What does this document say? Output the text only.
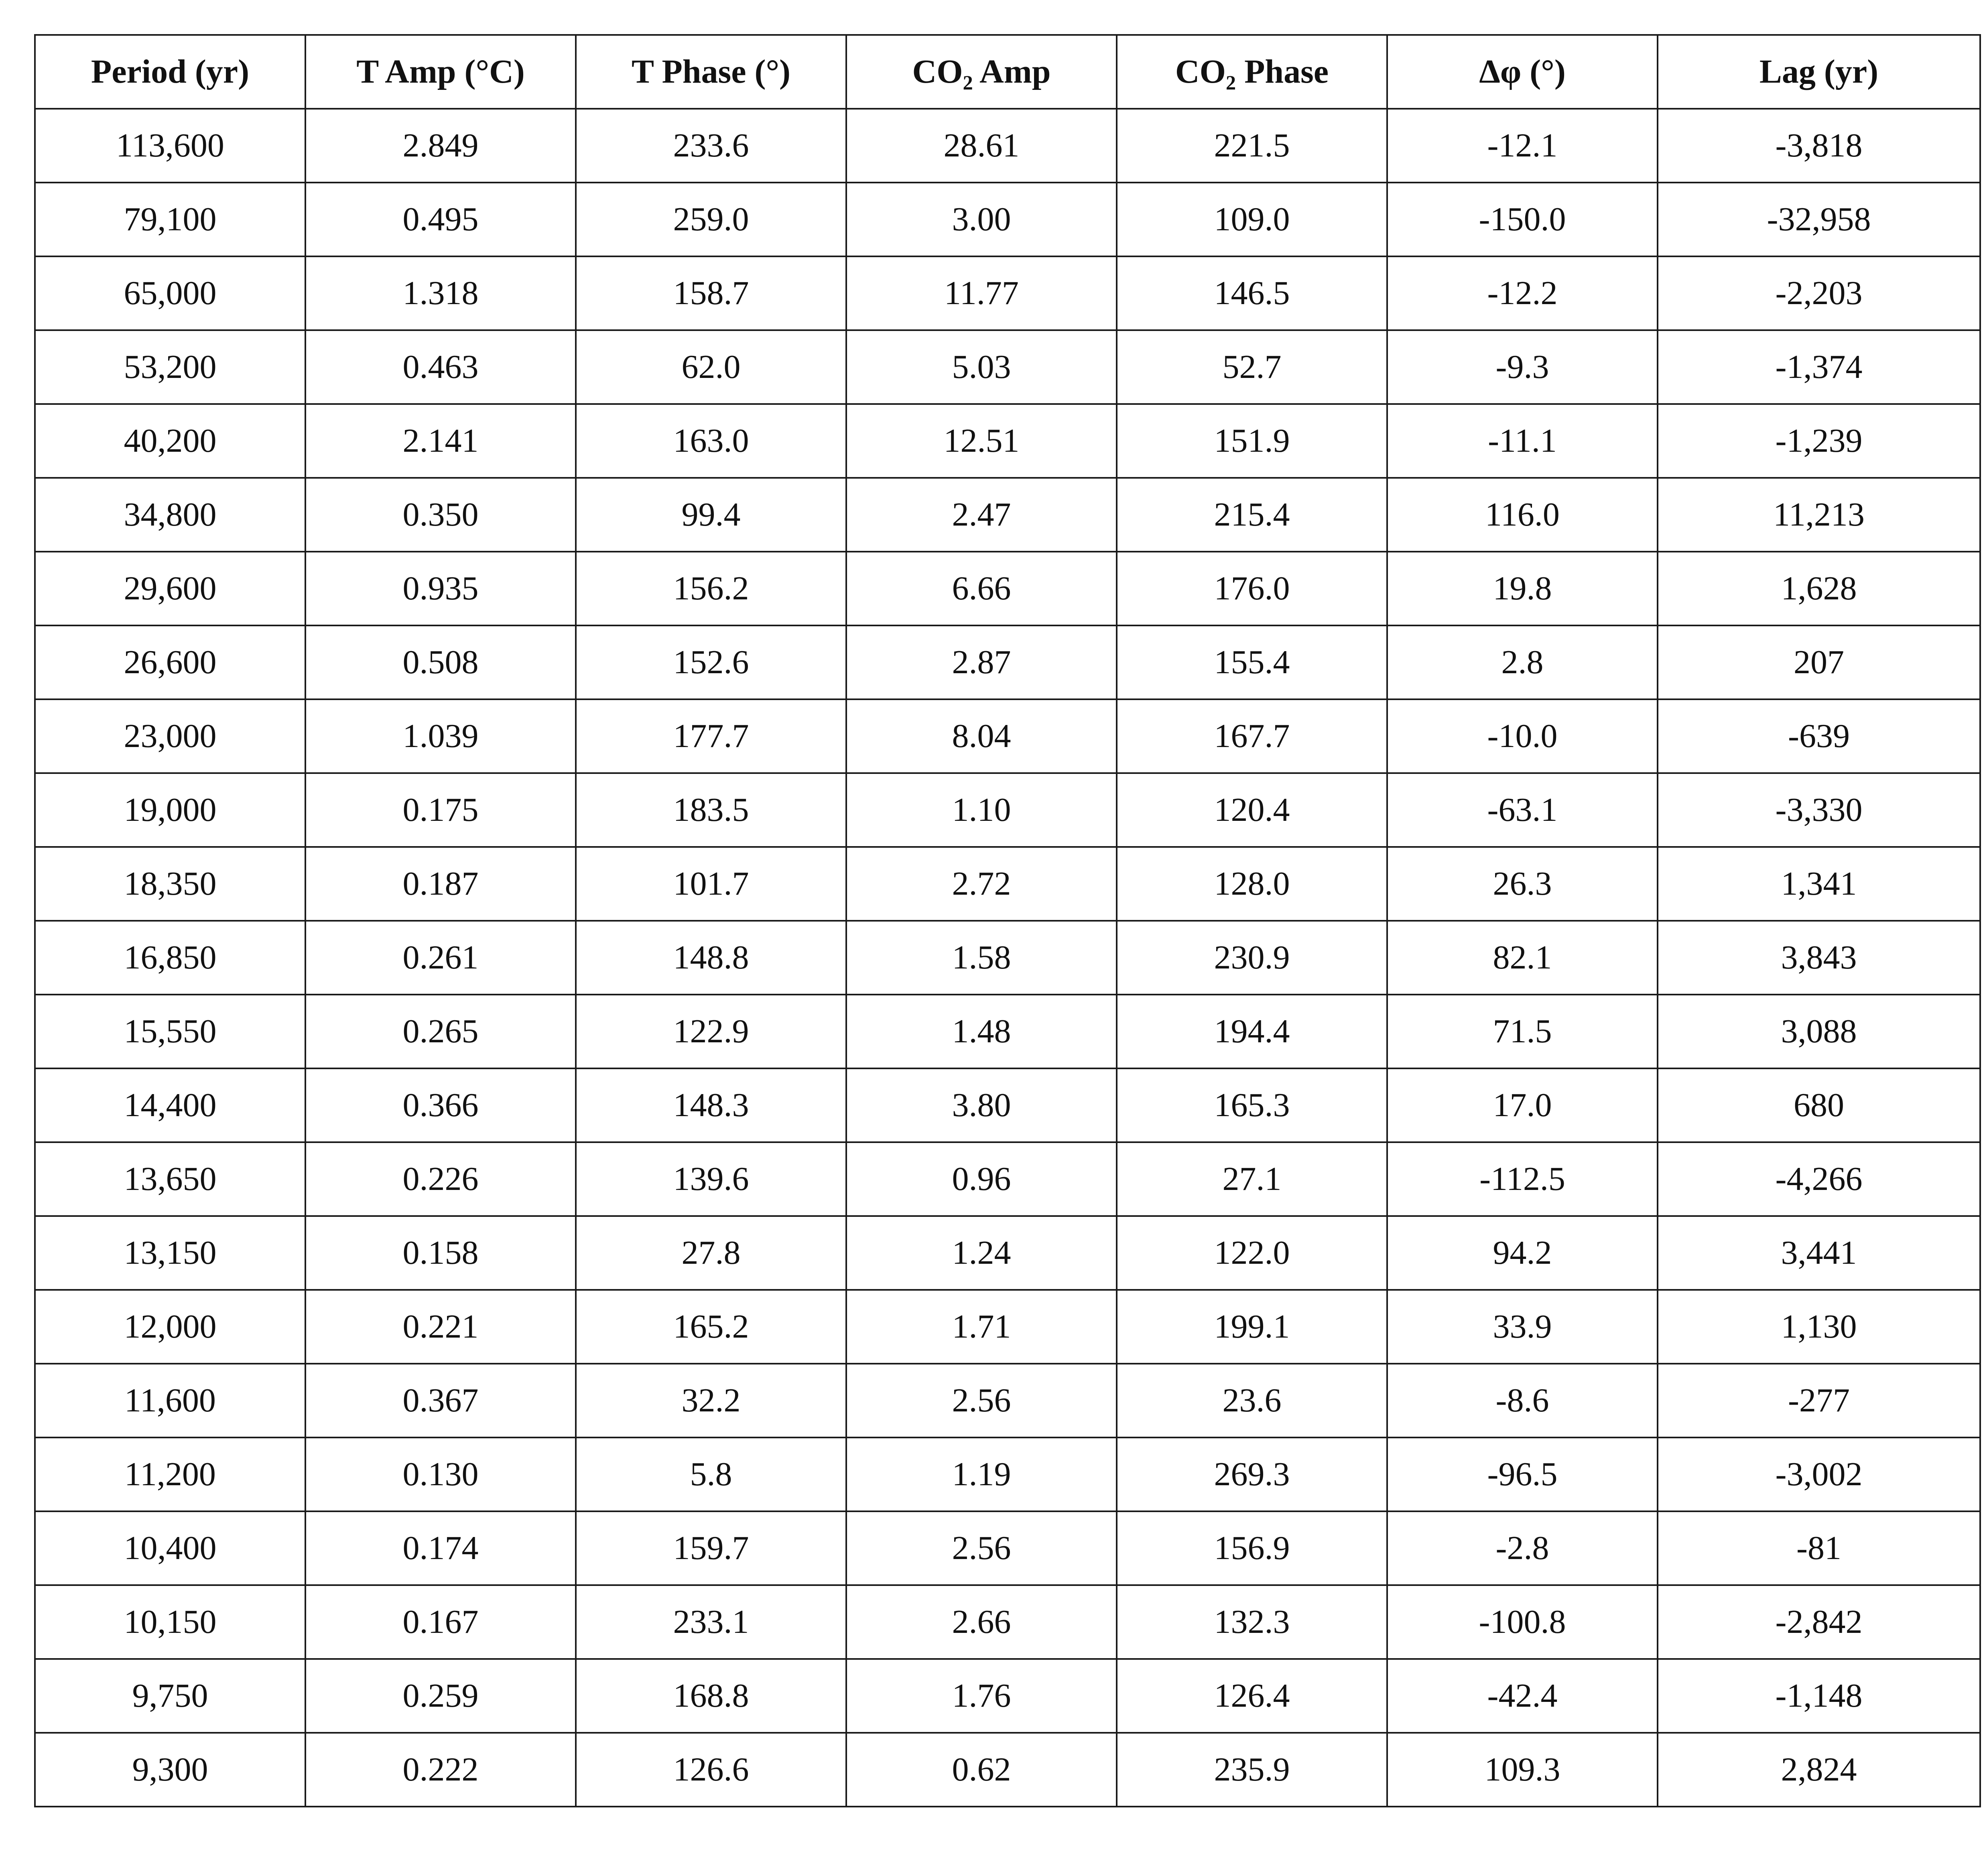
Period (yr)	T Amp (°C)	T Phase (°)	CO₂ Amp	CO₂ Phase	Δφ (°)	Lag (yr)
113,600	2.849	233.6	28.61	221.5	-12.1	-3,818
79,100	0.495	259.0	3.00	109.0	-150.0	-32,958
65,000	1.318	158.7	11.77	146.5	-12.2	-2,203
53,200	0.463	62.0	5.03	52.7	-9.3	-1,374
40,200	2.141	163.0	12.51	151.9	-11.1	-1,239
34,800	0.350	99.4	2.47	215.4	116.0	11,213
29,600	0.935	156.2	6.66	176.0	19.8	1,628
26,600	0.508	152.6	2.87	155.4	2.8	207
23,000	1.039	177.7	8.04	167.7	-10.0	-639
19,000	0.175	183.5	1.10	120.4	-63.1	-3,330
18,350	0.187	101.7	2.72	128.0	26.3	1,341
16,850	0.261	148.8	1.58	230.9	82.1	3,843
15,550	0.265	122.9	1.48	194.4	71.5	3,088
14,400	0.366	148.3	3.80	165.3	17.0	680
13,650	0.226	139.6	0.96	27.1	-112.5	-4,266
13,150	0.158	27.8	1.24	122.0	94.2	3,441
12,000	0.221	165.2	1.71	199.1	33.9	1,130
11,600	0.367	32.2	2.56	23.6	-8.6	-277
11,200	0.130	5.8	1.19	269.3	-96.5	-3,002
10,400	0.174	159.7	2.56	156.9	-2.8	-81
10,150	0.167	233.1	2.66	132.3	-100.8	-2,842
9,750	0.259	168.8	1.76	126.4	-42.4	-1,148
9,300	0.222	126.6	0.62	235.9	109.3	2,824
